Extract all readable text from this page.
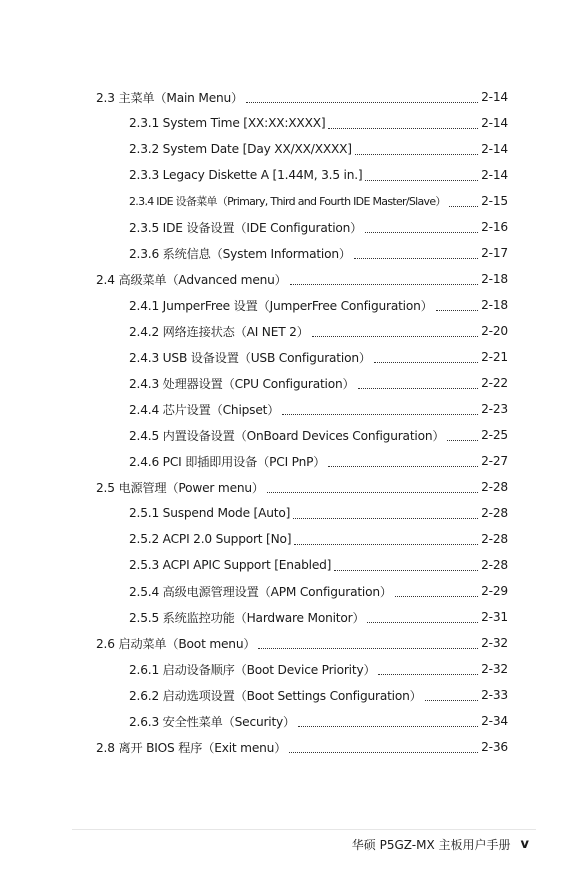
2.3 主菜单（Main Menu）	2-14
2.3.1 System Time [XX:XX:XXXX]	2-14
2.3.2 System Date [Day XX/XX/XXXX]	2-14
2.3.3 Legacy Diskette A [1.44M, 3.5 in.]	2-14
2.3.4 IDE 设备菜单（Primary, Third and Fourth IDE Master/Slave）	2-15
2.3.5 IDE 设备设置（IDE Configuration）	2-16
2.3.6 系统信息（System Information）	2-17
2.4 高级菜单（Advanced menu）	2-18
2.4.1 JumperFree 设置（JumperFree Configuration）	2-18
2.4.2 网络连接状态（AI NET 2）	2-20
2.4.3 USB 设备设置（USB Configuration）	2-21
2.4.3 处理器设置（CPU Configuration）	2-22
2.4.4 芯片设置（Chipset）	2-23
2.4.5 内置设备设置（OnBoard Devices Configuration）	2-25
2.4.6 PCI 即插即用设备（PCI PnP）	2-27
2.5 电源管理（Power menu）	2-28
2.5.1 Suspend Mode [Auto]	2-28
2.5.2 ACPI 2.0 Support [No]	2-28
2.5.3 ACPI APIC Support [Enabled]	2-28
2.5.4 高级电源管理设置（APM Configuration）	2-29
2.5.5 系统监控功能（Hardware Monitor）	2-31
2.6 启动菜单（Boot menu）	2-32
2.6.1 启动设备顺序（Boot Device Priority）	2-32
2.6.2 启动选项设置（Boot Settings Configuration）	2-33
2.6.3 安全性菜单（Security）	2-34
2.8 离开 BIOS 程序（Exit menu）	2-36
华硕 P5GZ-MX 主板用户手册 v
